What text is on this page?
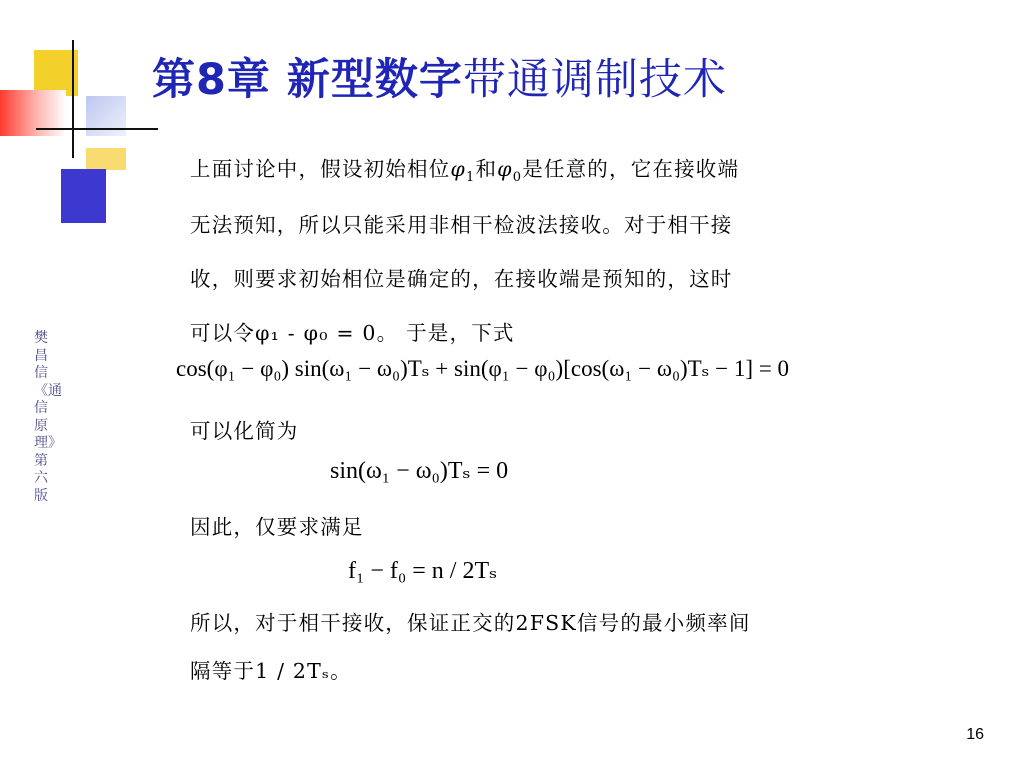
第8章 新型数字带通调制技术
樊昌信《通信原理》第六版
上面讨论中，假设初始相位$\varphi_1$和$\varphi_0$是任意的，它在接收端
无法预知，所以只能采用非相干检波法接收。对于相干接
收，则要求初始相位是确定的，在接收端是预知的，这时
可以令φ₁ - φ₀ = 0。 于是，下式
cos(φ₁ − φ₀) sin(ω₁ − ω₀)Tₛ + sin(φ₁ − φ₀)[cos(ω₁ − ω₀)Tₛ − 1] = 0
可以化简为
sin(ω₁ − ω₀)Tₛ = 0
因此，仅要求满足
f₁ − f₀ = n / 2Tₛ
所以，对于相干接收，保证正交的2FSK信号的最小频率间
隔等于1 / 2Tₛ。
16
